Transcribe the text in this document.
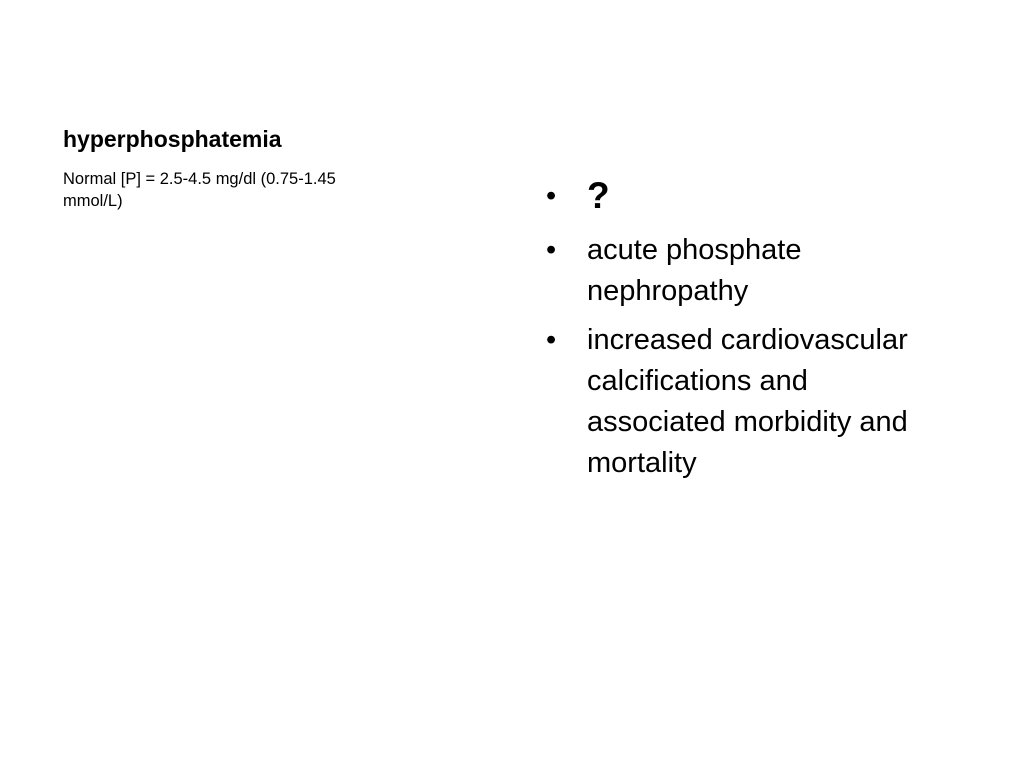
hyperphosphatemia

Normal [P] = 2.5-4.5 mg/dl (0.75-1.45 mmol/L)	• ?
•	acute phosphate nephropathy
•	increased cardiovascular calcifications and associated morbidity and mortality
